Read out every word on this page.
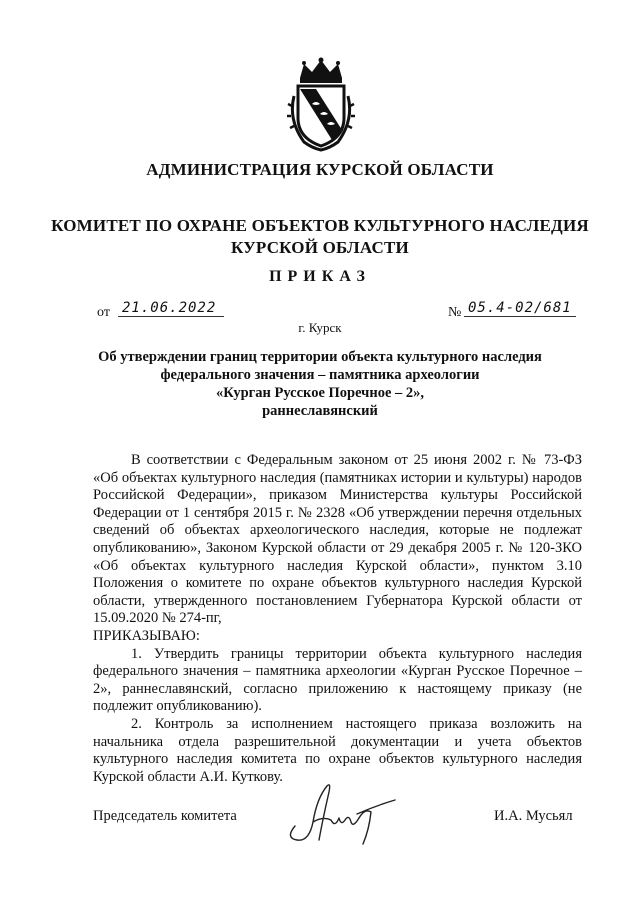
АДМИНИСТРАЦИЯ КУРСКОЙ ОБЛАСТИ
КОМИТЕТ ПО ОХРАНЕ ОБЪЕКТОВ КУЛЬТУРНОГО НАСЛЕДИЯ
КУРСКОЙ ОБЛАСТИ
ПРИКАЗ
от 21.06.2022	№ 05.4-02/681
г. Курск
Об утверждении границ территории объекта культурного наследия
федерального значения – памятника археологии
«Курган Русское Поречное – 2»,
раннеславянский

В соответствии с Федеральным законом от 25 июня 2002 г. № 73-ФЗ «Об объектах культурного наследия (памятниках истории и культуры) народов Российской Федерации», приказом Министерства культуры Российской Федерации от 1 сентября 2015 г. № 2328 «Об утверждении перечня отдельных сведений об объектах археологического наследия, которые не подлежат опубликованию», Законом Курской области от 29 декабря 2005 г. № 120-ЗКО «Об объектах культурного наследия Курской области», пунктом 3.10 Положения о комитете по охране объектов культурного наследия Курской области, утвержденного постановлением Губернатора Курской области от 15.09.2020 № 274-пг,

ПРИКАЗЫВАЮ:

1. Утвердить границы территории объекта культурного наследия федерального значения – памятника археологии «Курган Русское Поречное – 2», раннеславянский, согласно приложению к настоящему приказу (не подлежит опубликованию).

2. Контроль за исполнением настоящего приказа возложить на начальника отдела разрешительной документации и учета объектов культурного наследия комитета по охране объектов культурного наследия Курской области А.И. Куткову.

Председатель комитета	И.А. Мусьял
